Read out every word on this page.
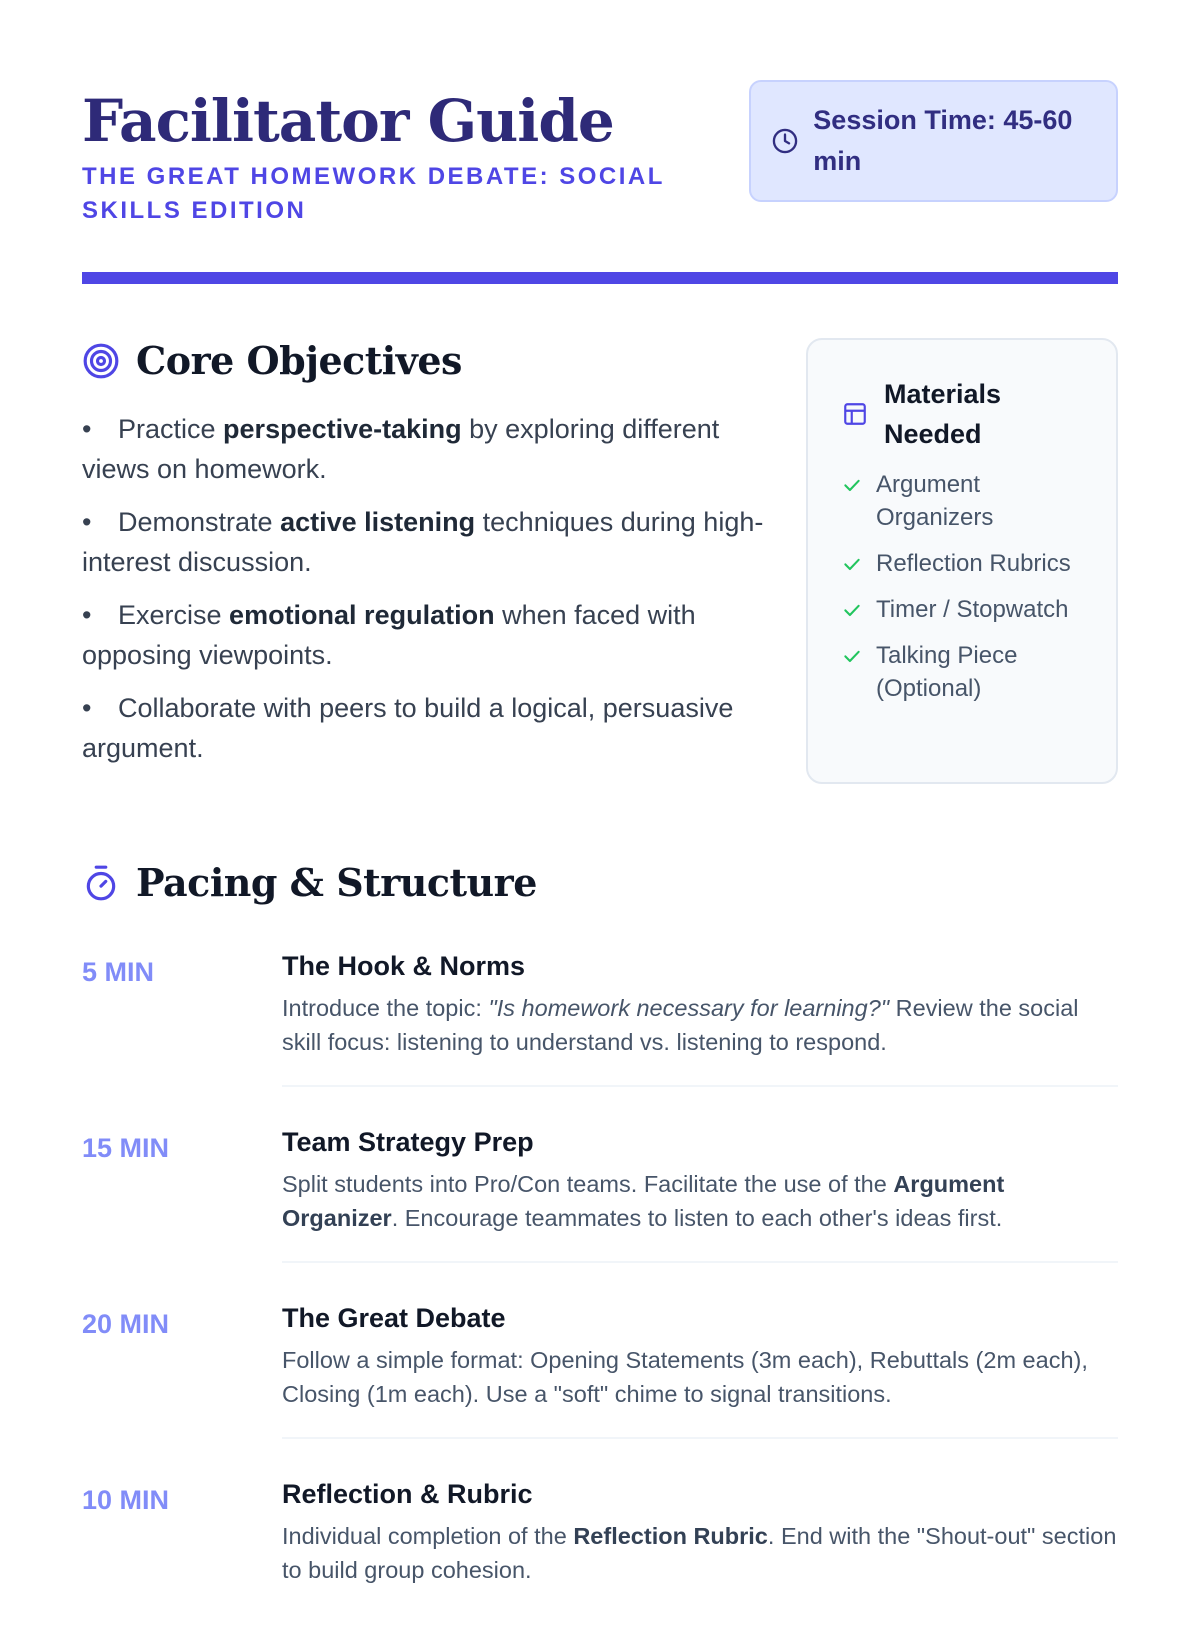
Facilitator Guide

THE GREAT HOMEWORK DEBATE: SOCIAL SKILLS EDITION

Session Time: 45-60 min
Core Objectives
• Practice perspective-taking by exploring different views on homework.
• Demonstrate active listening techniques during high-interest discussion.
• Exercise emotional regulation when faced with opposing viewpoints.
• Collaborate with peers to build a logical, persuasive argument.
Materials Needed
Argument Organizers
Reflection Rubrics
Timer / Stopwatch
Talking Piece (Optional)
Pacing & Structure
5 MIN	The Hook & Norms

Introduce the topic: "Is homework necessary for learning?" Review the social skill focus: listening to understand vs. listening to respond.

15 MIN	Team Strategy Prep

Split students into Pro/Con teams. Facilitate the use of the Argument Organizer. Encourage teammates to listen to each other's ideas first.

20 MIN	The Great Debate

Follow a simple format: Opening Statements (3m each), Rebuttals (2m each), Closing (1m each). Use a "soft" chime to signal transitions.

10 MIN	Reflection & Rubric

Individual completion of the Reflection Rubric. End with the "Shout-out" section to build group cohesion.
